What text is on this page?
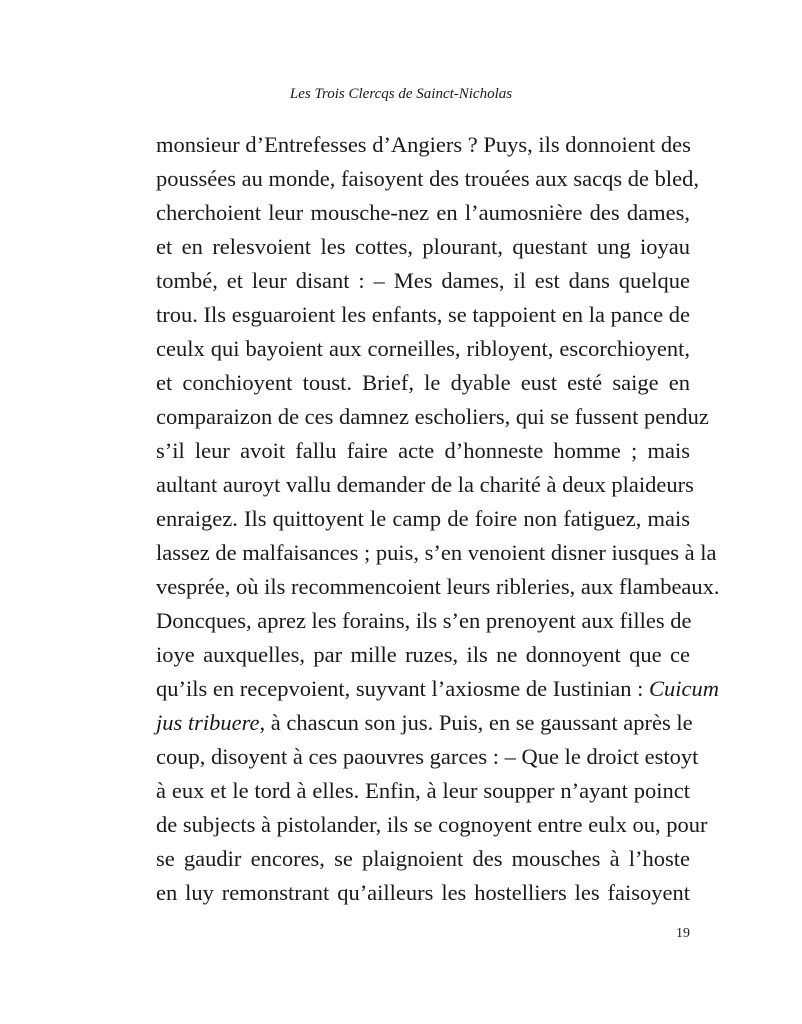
Les Trois Clercqs de Sainct-Nicholas
monsieur d’Entrefesses d’Angiers ? Puys, ils donnoient des
poussées au monde, faisoyent des trouées aux sacqs de bled,
cherchoient leur mousche-nez en l’aumosnière des dames,
et en relesvoient les cottes, plourant, questant ung ioyau
tombé, et leur disant : – Mes dames, il est dans quelque
trou. Ils esguaroient les enfants, se tappoient en la pance de
ceulx qui bayoient aux corneilles, ribloyent, escorchioyent,
et conchioyent toust. Brief, le dyable eust esté saige en
comparaizon de ces damnez escholiers, qui se fussent penduz
s’il leur avoit fallu faire acte d’honneste homme ; mais
aultant auroyt vallu demander de la charité à deux plaideurs
enraigez. Ils quittoyent le camp de foire non fatiguez, mais
lassez de malfaisances ; puis, s’en venoient disner iusques à la
vesprée, où ils recommencoient leurs ribleries, aux flambeaux.
Doncques, aprez les forains, ils s’en prenoyent aux filles de
ioye auxquelles, par mille ruzes, ils ne donnoyent que ce
qu’ils en recepvoient, suyvant l’axiosme de Iustinian : Cuicum
jus tribuere, à chascun son jus. Puis, en se gaussant après le
coup, disoyent à ces paouvres garces : – Que le droict estoyt
à eux et le tord à elles. Enfin, à leur soupper n’ayant poinct
de subjects à pistolander, ils se cognoyent entre eulx ou, pour
se gaudir encores, se plaignoient des mousches à l’hoste
en luy remonstrant qu’ailleurs les hostelliers les faisoyent
19
